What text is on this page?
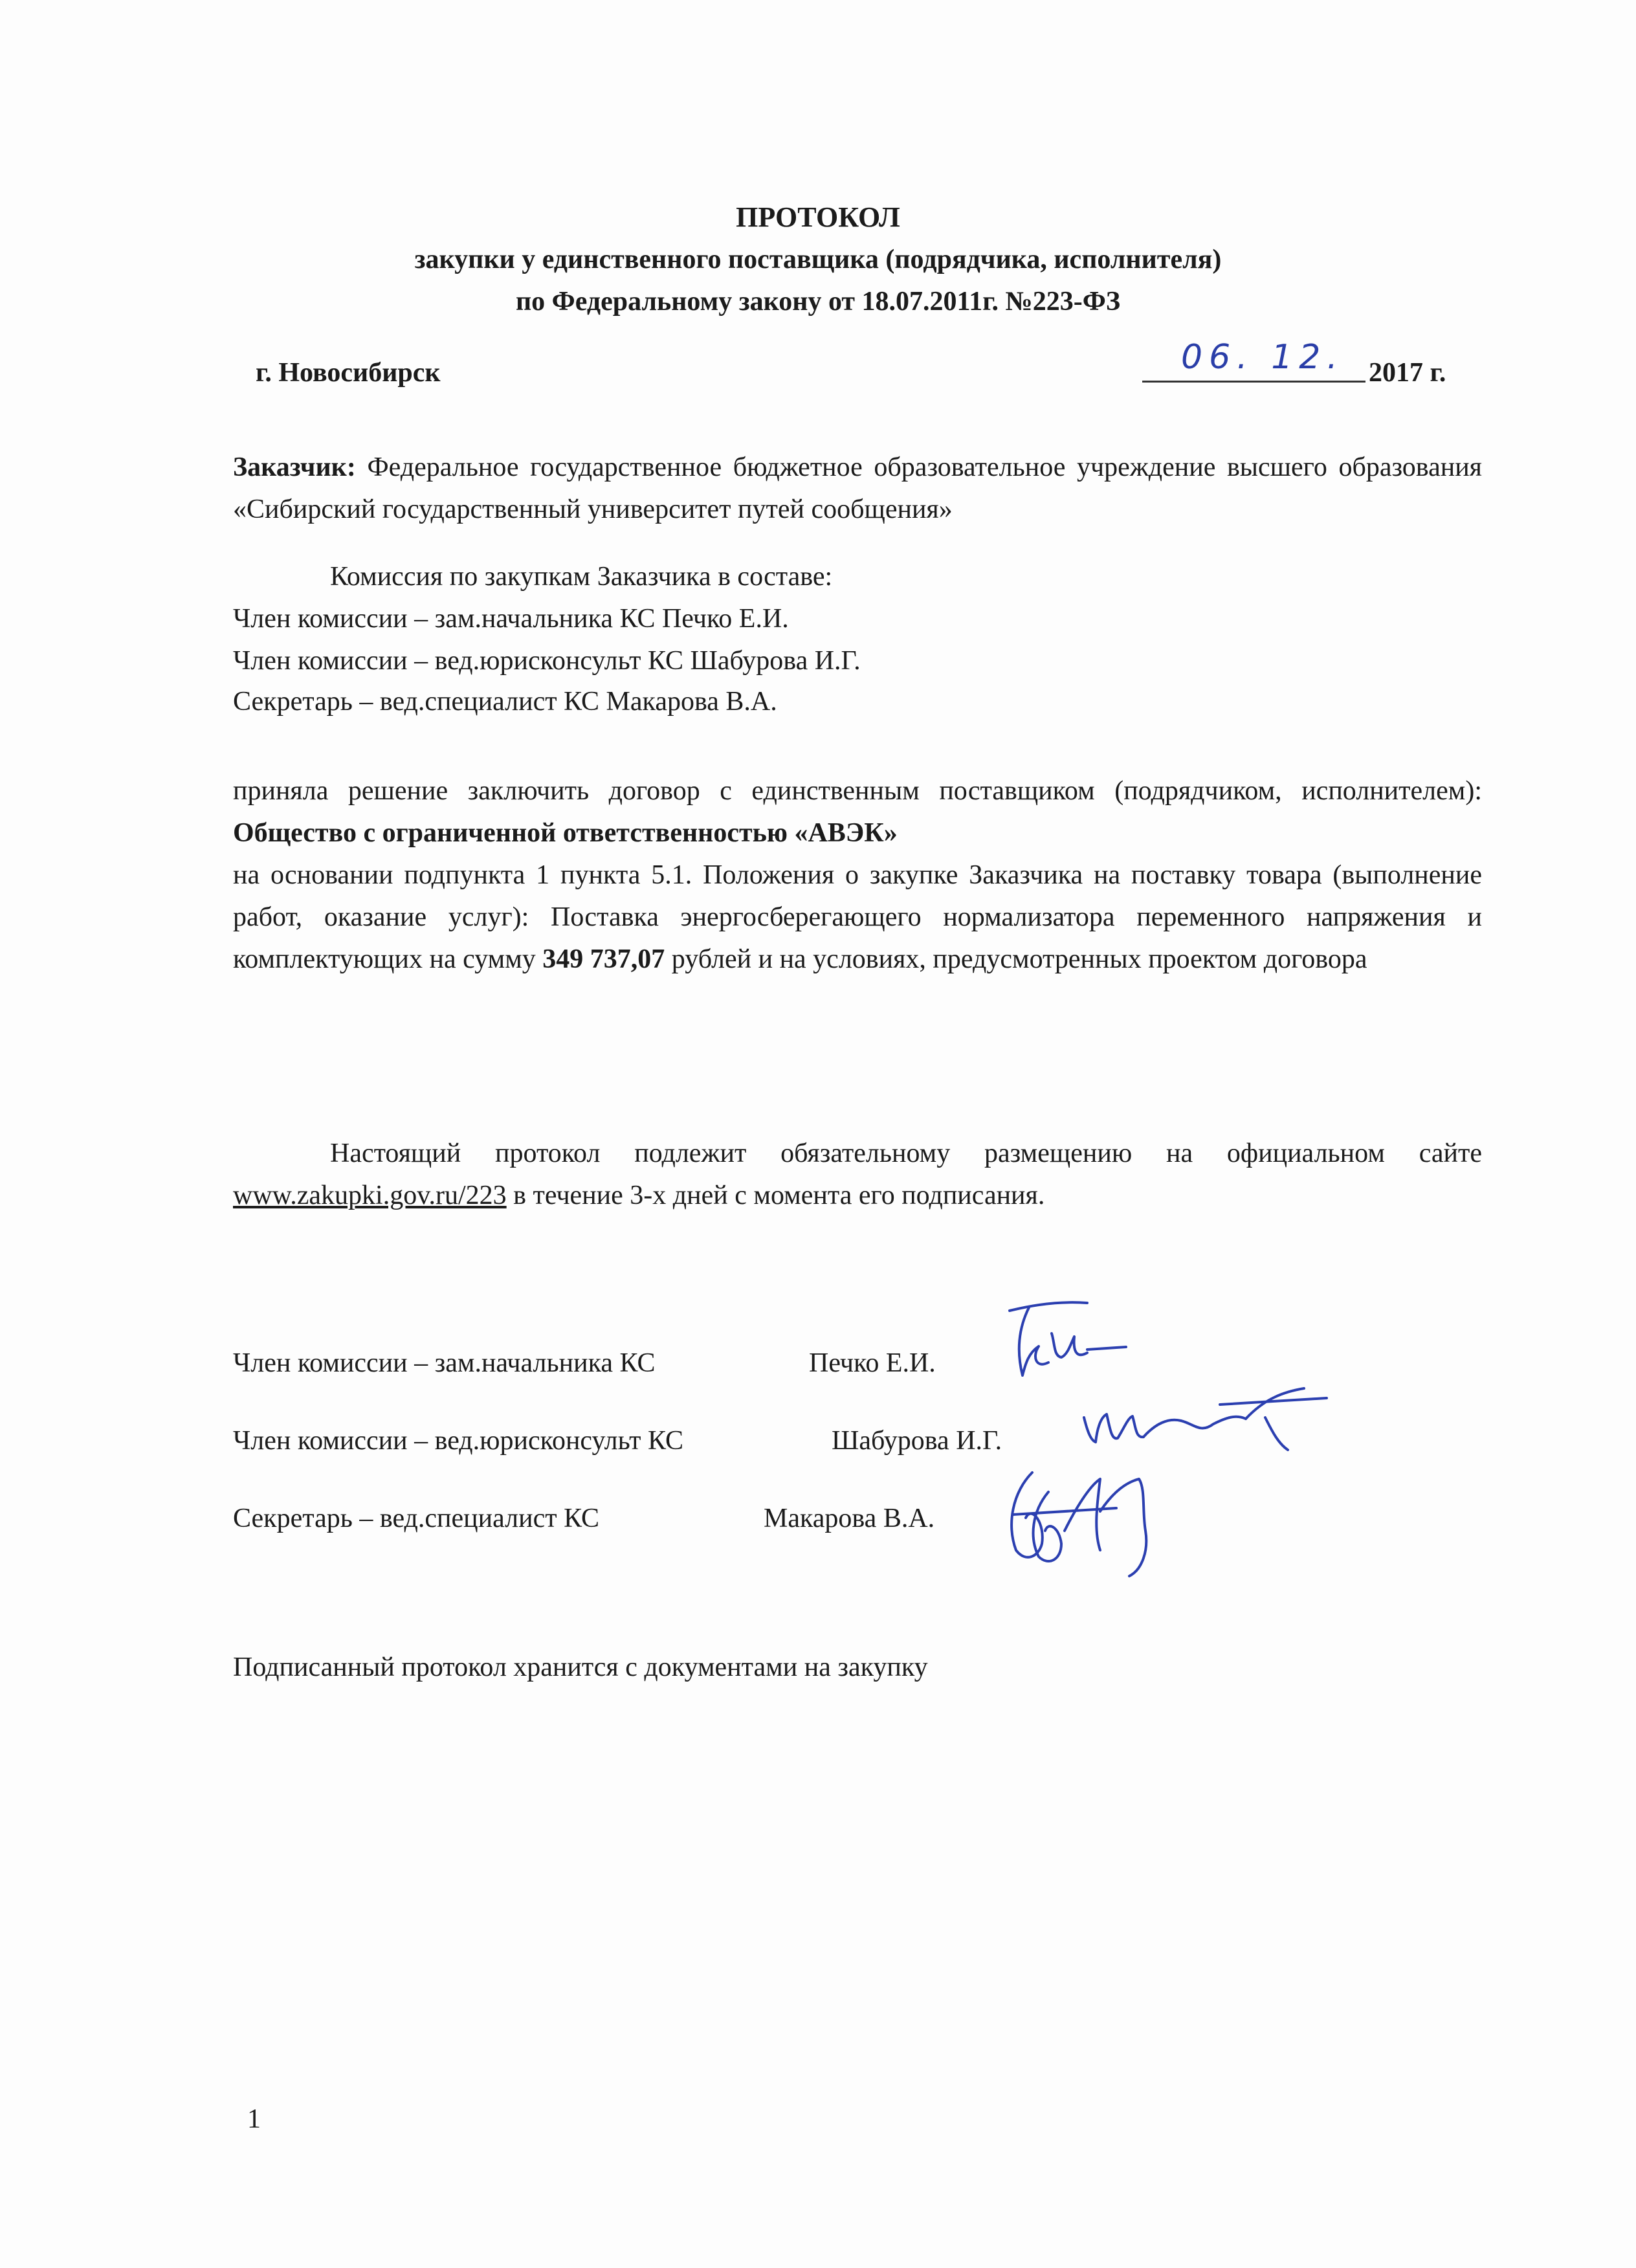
ПРОТОКОЛ
закупки у единственного поставщика (подрядчика, исполнителя)
по Федеральному закону от 18.07.2011г. №223-ФЗ
г. Новосибирск	06. 12. 2017 г.
Заказчик: Федеральное государственное бюджетное образовательное учреждение высшего образования «Сибирский государственный университет путей сообщения»
Комиссия по закупкам Заказчика в составе:
Член комиссии – зам.начальника КС Печко Е.И.
Член комиссии – вед.юрисконсульт КС Шабурова И.Г.
Секретарь – вед.специалист КС Макарова В.А.
приняла решение заключить договор с единственным поставщиком (подрядчиком, исполнителем): Общество с ограниченной ответственностью «АВЭК»
на основании подпункта 1 пункта 5.1. Положения о закупке Заказчика на поставку товара (выполнение работ, оказание услуг): Поставка энергосберегающего нормализатора переменного напряжения и комплектующих на сумму 349 737,07 рублей и на условиях, предусмотренных проектом договора
Настоящий протокол подлежит обязательному размещению на официальном сайте www.zakupki.gov.ru/223 в течение 3-х дней с момента его подписания.
Член комиссии – зам.начальника КС	Печко Е.И.
Член комиссии – вед.юрисконсульт КС	Шабурова И.Г.
Секретарь – вед.специалист КС	Макарова В.А.
Подписанный протокол хранится с документами на закупку
1
